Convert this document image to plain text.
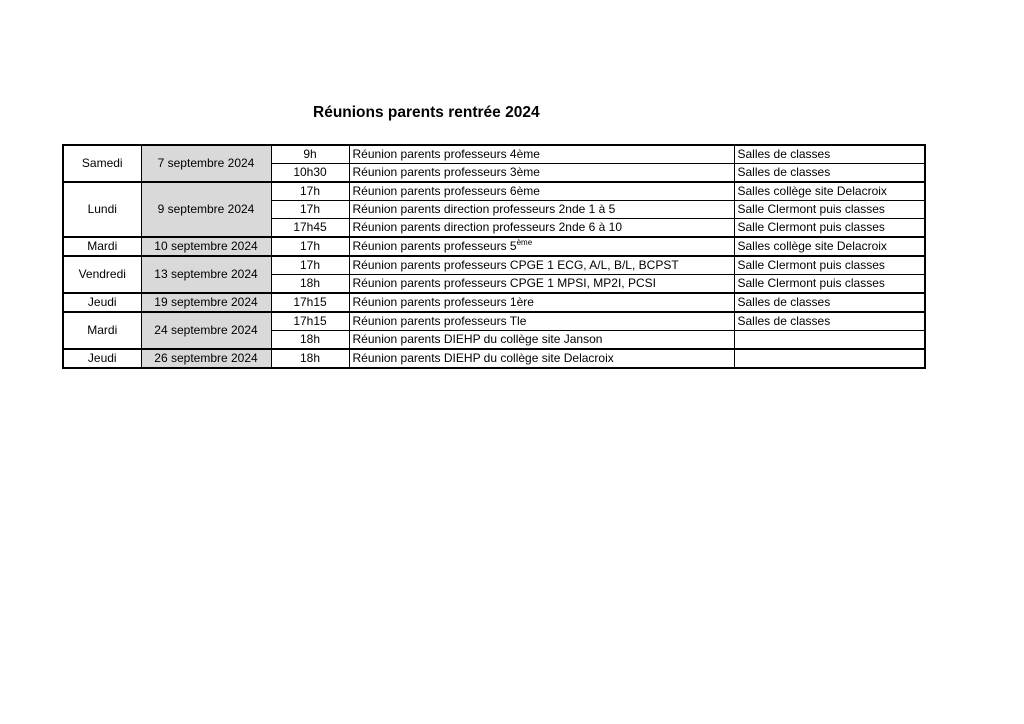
Réunions parents rentrée 2024
Samedi	7 septembre 2024	9h	Réunion parents professeurs 4ème	Salles de classes
		10h30	Réunion parents professeurs 3ème	Salles de classes
Lundi	9 septembre 2024	17h	Réunion parents professeurs 6ème	Salles collège site Delacroix
		17h	Réunion parents direction professeurs 2nde 1 à 5	Salle Clermont puis classes
		17h45	Réunion parents direction professeurs 2nde 6 à 10	Salle Clermont puis classes
Mardi	10 septembre 2024	17h	Réunion parents professeurs 5ème	Salles collège site Delacroix
Vendredi	13 septembre 2024	17h	Réunion parents professeurs CPGE 1 ECG, A/L, B/L, BCPST	Salle Clermont puis classes
		18h	Réunion parents professeurs CPGE 1 MPSI, MP2I, PCSI	Salle Clermont puis classes
Jeudi	19 septembre 2024	17h15	Réunion parents professeurs 1ère	Salles de classes
Mardi	24 septembre 2024	17h15	Réunion parents professeurs Tle	Salles de classes
		18h	Réunion parents DIEHP du collège site Janson	
Jeudi	26 septembre 2024	18h	Réunion parents DIEHP du collège site Delacroix	
